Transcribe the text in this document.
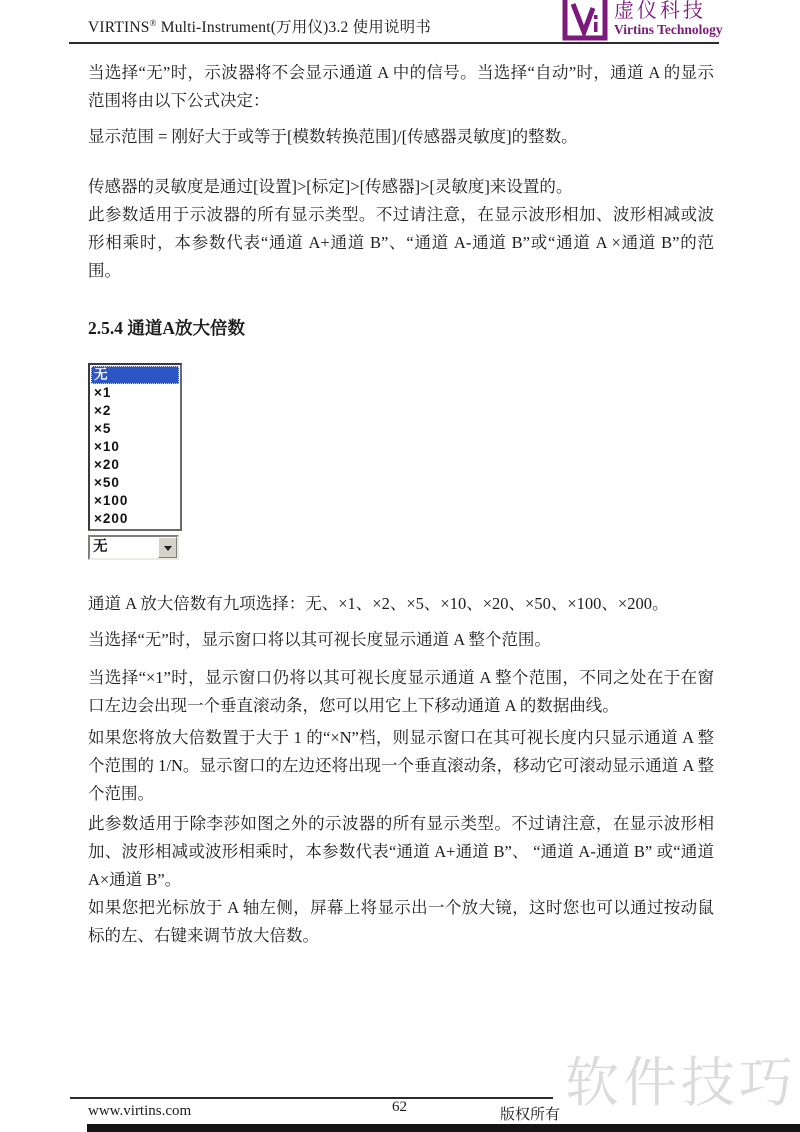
VIRTINS® Multi-Instrument(万用仪)3.2 使用说明书
虚仪科技
Virtins Technology

当选择“无”时，示波器将不会显示通道 A 中的信号。当选择“自动”时，通道 A 的显示范围将由以下公式决定：

显示范围 = 刚好大于或等于[模数转换范围]/[传感器灵敏度]的整数。

传感器的灵敏度是通过[设置]>[标定]>[传感器]>[灵敏度]来设置的。

此参数适用于示波器的所有显示类型。不过请注意，在显示波形相加、波形相减或波形相乘时，本参数代表“通道 A+通道 B”、“通道 A-通道 B”或“通道 A ×通道 B”的范围。

2.5.4 通道A放大倍数
无
×1
×2
×5
×10
×20
×50
×100
×200
无

通道 A 放大倍数有九项选择：无、×1、×2、×5、×10、×20、×50、×100、×200。

当选择“无”时，显示窗口将以其可视长度显示通道 A 整个范围。

当选择“×1”时，显示窗口仍将以其可视长度显示通道 A 整个范围，不同之处在于在窗口左边会出现一个垂直滚动条，您可以用它上下移动通道 A 的数据曲线。

如果您将放大倍数置于大于 1 的“×N”档，则显示窗口在其可视长度内只显示通道 A 整个范围的 1/N。显示窗口的左边还将出现一个垂直滚动条，移动它可滚动显示通道 A 整个范围。

此参数适用于除李莎如图之外的示波器的所有显示类型。不过请注意，在显示波形相加、波形相减或波形相乘时，本参数代表“通道 A+通道 B”、 “通道 A-通道 B” 或“通道 A×通道 B”。

如果您把光标放于 A 轴左侧，屏幕上将显示出一个放大镜，这时您也可以通过按动鼠标的左、右键来调节放大倍数。

软件技巧
www.virtins.com	62	版权所有
